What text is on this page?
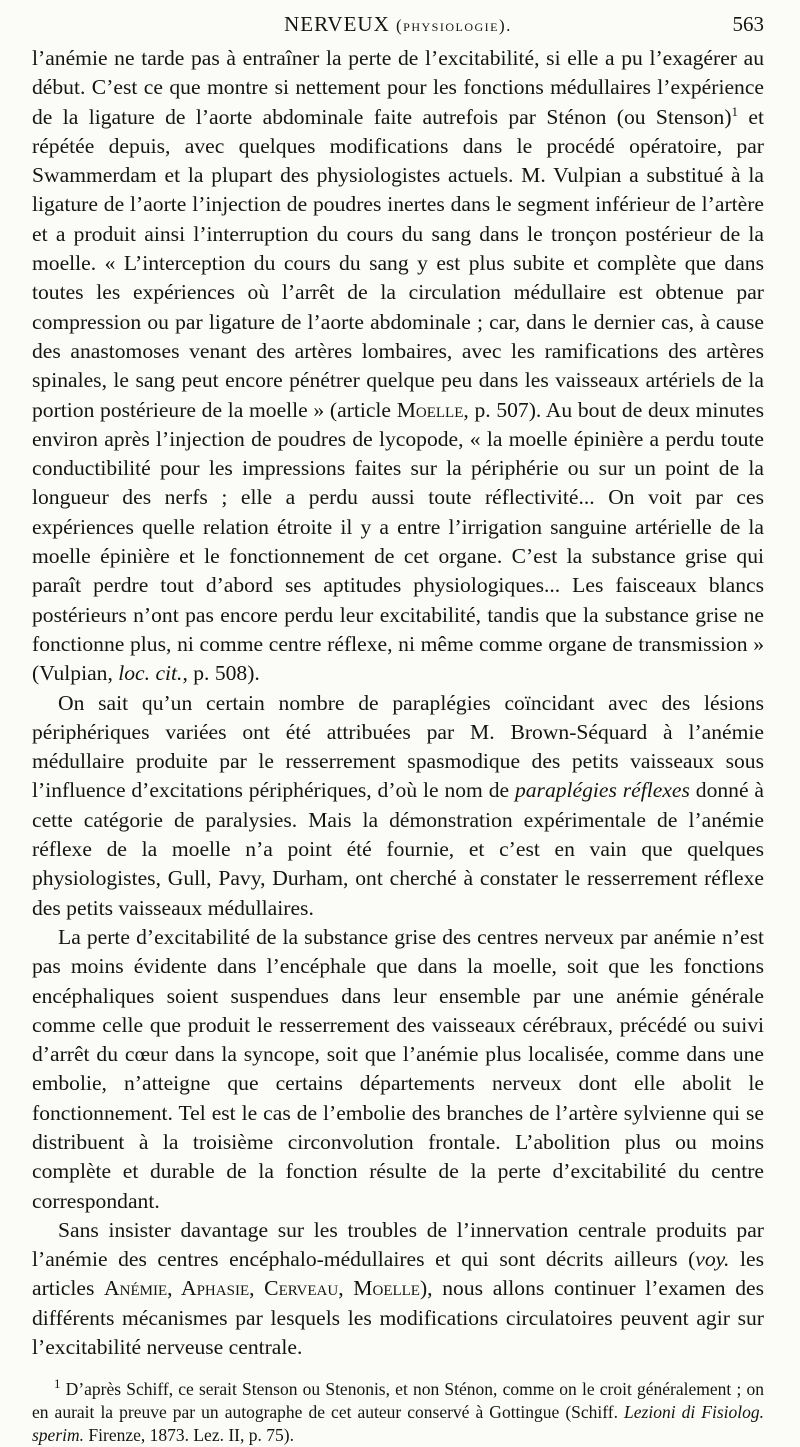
NERVEUX (physiologie).	563

l’anémie ne tarde pas à entraîner la perte de l’excitabilité, si elle a pu l’exagérer au début. C’est ce que montre si nettement pour les fonctions médullaires l’expérience de la ligature de l’aorte abdominale faite autrefois par Sténon (ou Stenson)$^1$ et répétée depuis, avec quelques modifications dans le procédé opératoire, par Swammerdam et la plupart des physiologistes actuels. M. Vulpian a substitué à la ligature de l’aorte l’injection de poudres inertes dans le segment inférieur de l’artère et a produit ainsi l’interruption du cours du sang dans le tronçon postérieur de la moelle. « L’interception du cours du sang y est plus subite et complète que dans toutes les expériences où l’arrêt de la circulation médullaire est obtenue par compression ou par ligature de l’aorte abdominale ; car, dans le dernier cas, à cause des anastomoses venant des artères lombaires, avec les ramifications des artères spinales, le sang peut encore pénétrer quelque peu dans les vaisseaux artériels de la portion postérieure de la moelle » (article Moelle, p. 507). Au bout de deux minutes environ après l’injection de poudres de lycopode, « la moelle épinière a perdu toute conductibilité pour les impressions faites sur la périphérie ou sur un point de la longueur des nerfs ; elle a perdu aussi toute réflectivité... On voit par ces expériences quelle relation étroite il y a entre l’irrigation sanguine artérielle de la moelle épinière et le fonctionnement de cet organe. C’est la substance grise qui paraît perdre tout d’abord ses aptitudes physiologiques... Les faisceaux blancs postérieurs n’ont pas encore perdu leur excitabilité, tandis que la substance grise ne fonctionne plus, ni comme centre réflexe, ni même comme organe de transmission » (Vulpian, loc. cit., p. 508).

On sait qu’un certain nombre de paraplégies coïncidant avec des lésions périphériques variées ont été attribuées par M. Brown-Séquard à l’anémie médullaire produite par le resserrement spasmodique des petits vaisseaux sous l’influence d’excitations périphériques, d’où le nom de paraplégies réflexes donné à cette catégorie de paralysies. Mais la démonstration expérimentale de l’anémie réflexe de la moelle n’a point été fournie, et c’est en vain que quelques physiologistes, Gull, Pavy, Durham, ont cherché à constater le resserrement réflexe des petits vaisseaux médullaires.

La perte d’excitabilité de la substance grise des centres nerveux par anémie n’est pas moins évidente dans l’encéphale que dans la moelle, soit que les fonctions encéphaliques soient suspendues dans leur ensemble par une anémie générale comme celle que produit le resserrement des vaisseaux cérébraux, précédé ou suivi d’arrêt du cœur dans la syncope, soit que l’anémie plus localisée, comme dans une embolie, n’atteigne que certains départements nerveux dont elle abolit le fonctionnement. Tel est le cas de l’embolie des branches de l’artère sylvienne qui se distribuent à la troisième circonvolution frontale. L’abolition plus ou moins complète et durable de la fonction résulte de la perte d’excitabilité du centre correspondant.

Sans insister davantage sur les troubles de l’innervation centrale produits par l’anémie des centres encéphalo-médullaires et qui sont décrits ailleurs (voy. les articles Anémie, Aphasie, Cerveau, Moelle), nous allons continuer l’examen des différents mécanismes par lesquels les modifications circulatoires peuvent agir sur l’excitabilité nerveuse centrale.

$^1$ D’après Schiff, ce serait Stenson ou Stenonis, et non Sténon, comme on le croit généralement ; on en aurait la preuve par un autographe de cet auteur conservé à Gottingue (Schiff. Lezioni di Fisiolog. sperim. Firenze, 1873. Lez. II, p. 75).
